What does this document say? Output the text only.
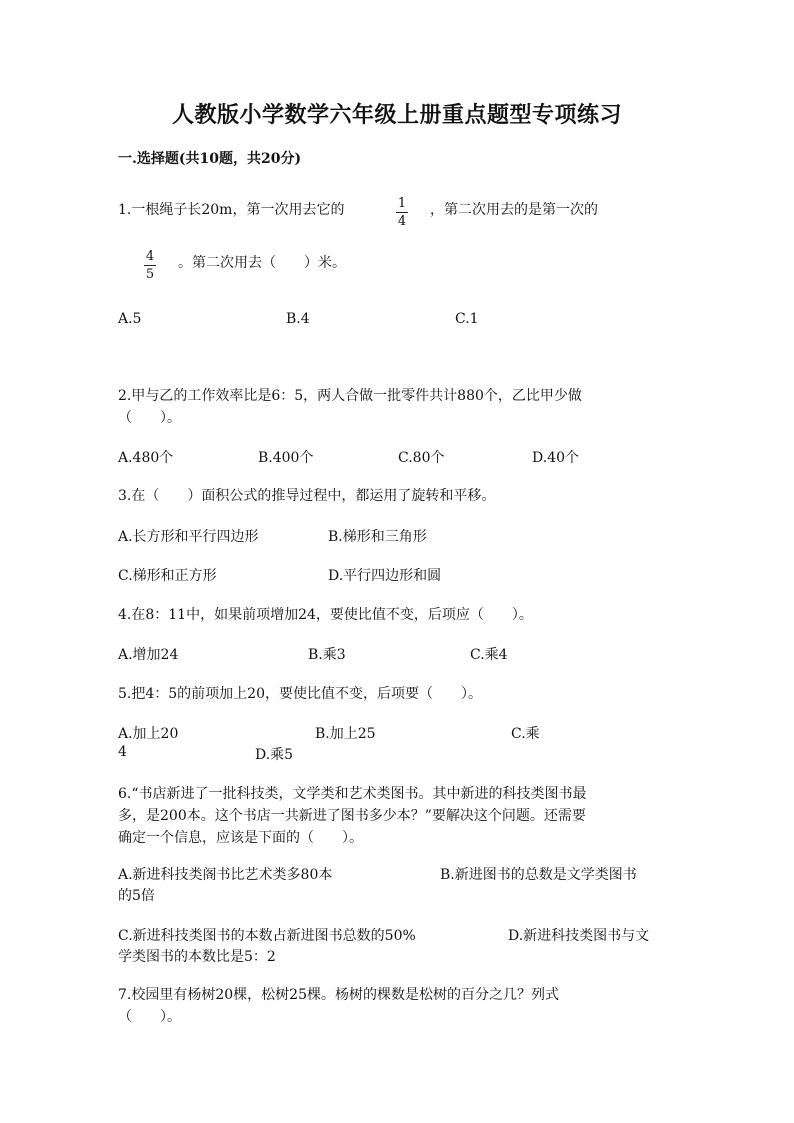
人教版小学数学六年级上册重点题型专项练习
一.选择题(共10题，共20分)
1.一根绳子长20m，第一次用去它的	1
4
，第二次用去的是第一次的
4
5
。第二次用去（　　）米。
A.5	B.4	C.1
2.甲与乙的工作效率比是6：5，两人合做一批零件共计880个，乙比甲少做
（　　）。
A.480个	B.400个	C.80个	D.40个
3.在（　　）面积公式的推导过程中，都运用了旋转和平移。
A.长方形和平行四边形	B.梯形和三角形
C.梯形和正方形	D.平行四边形和圆
4.在8：11中，如果前项增加24，要使比值不变，后项应（　　）。
A.增加24	B.乘3	C.乘4
5.把4：5的前项加上20，要使比值不变，后项要（　　）。
A.加上20	B.加上25	C.乘
4	D.乘5
6.“书店新进了一批科技类，文学类和艺术类图书。其中新进的科技类图书最
多，是200本。这个书店一共新进了图书多少本？”要解决这个问题。还需要
确定一个信息，应该是下面的（　　）。
A.新进科技类阁书比艺术类多80本	B.新进图书的总数是文学类图书
的5倍
C.新进科技类图书的本数占新进图书总数的50%	D.新进科技类图书与文
学类图书的本数比是5：2
7.校园里有杨树20棵，松树25棵。杨树的棵数是松树的百分之几？列式
（　　）。
